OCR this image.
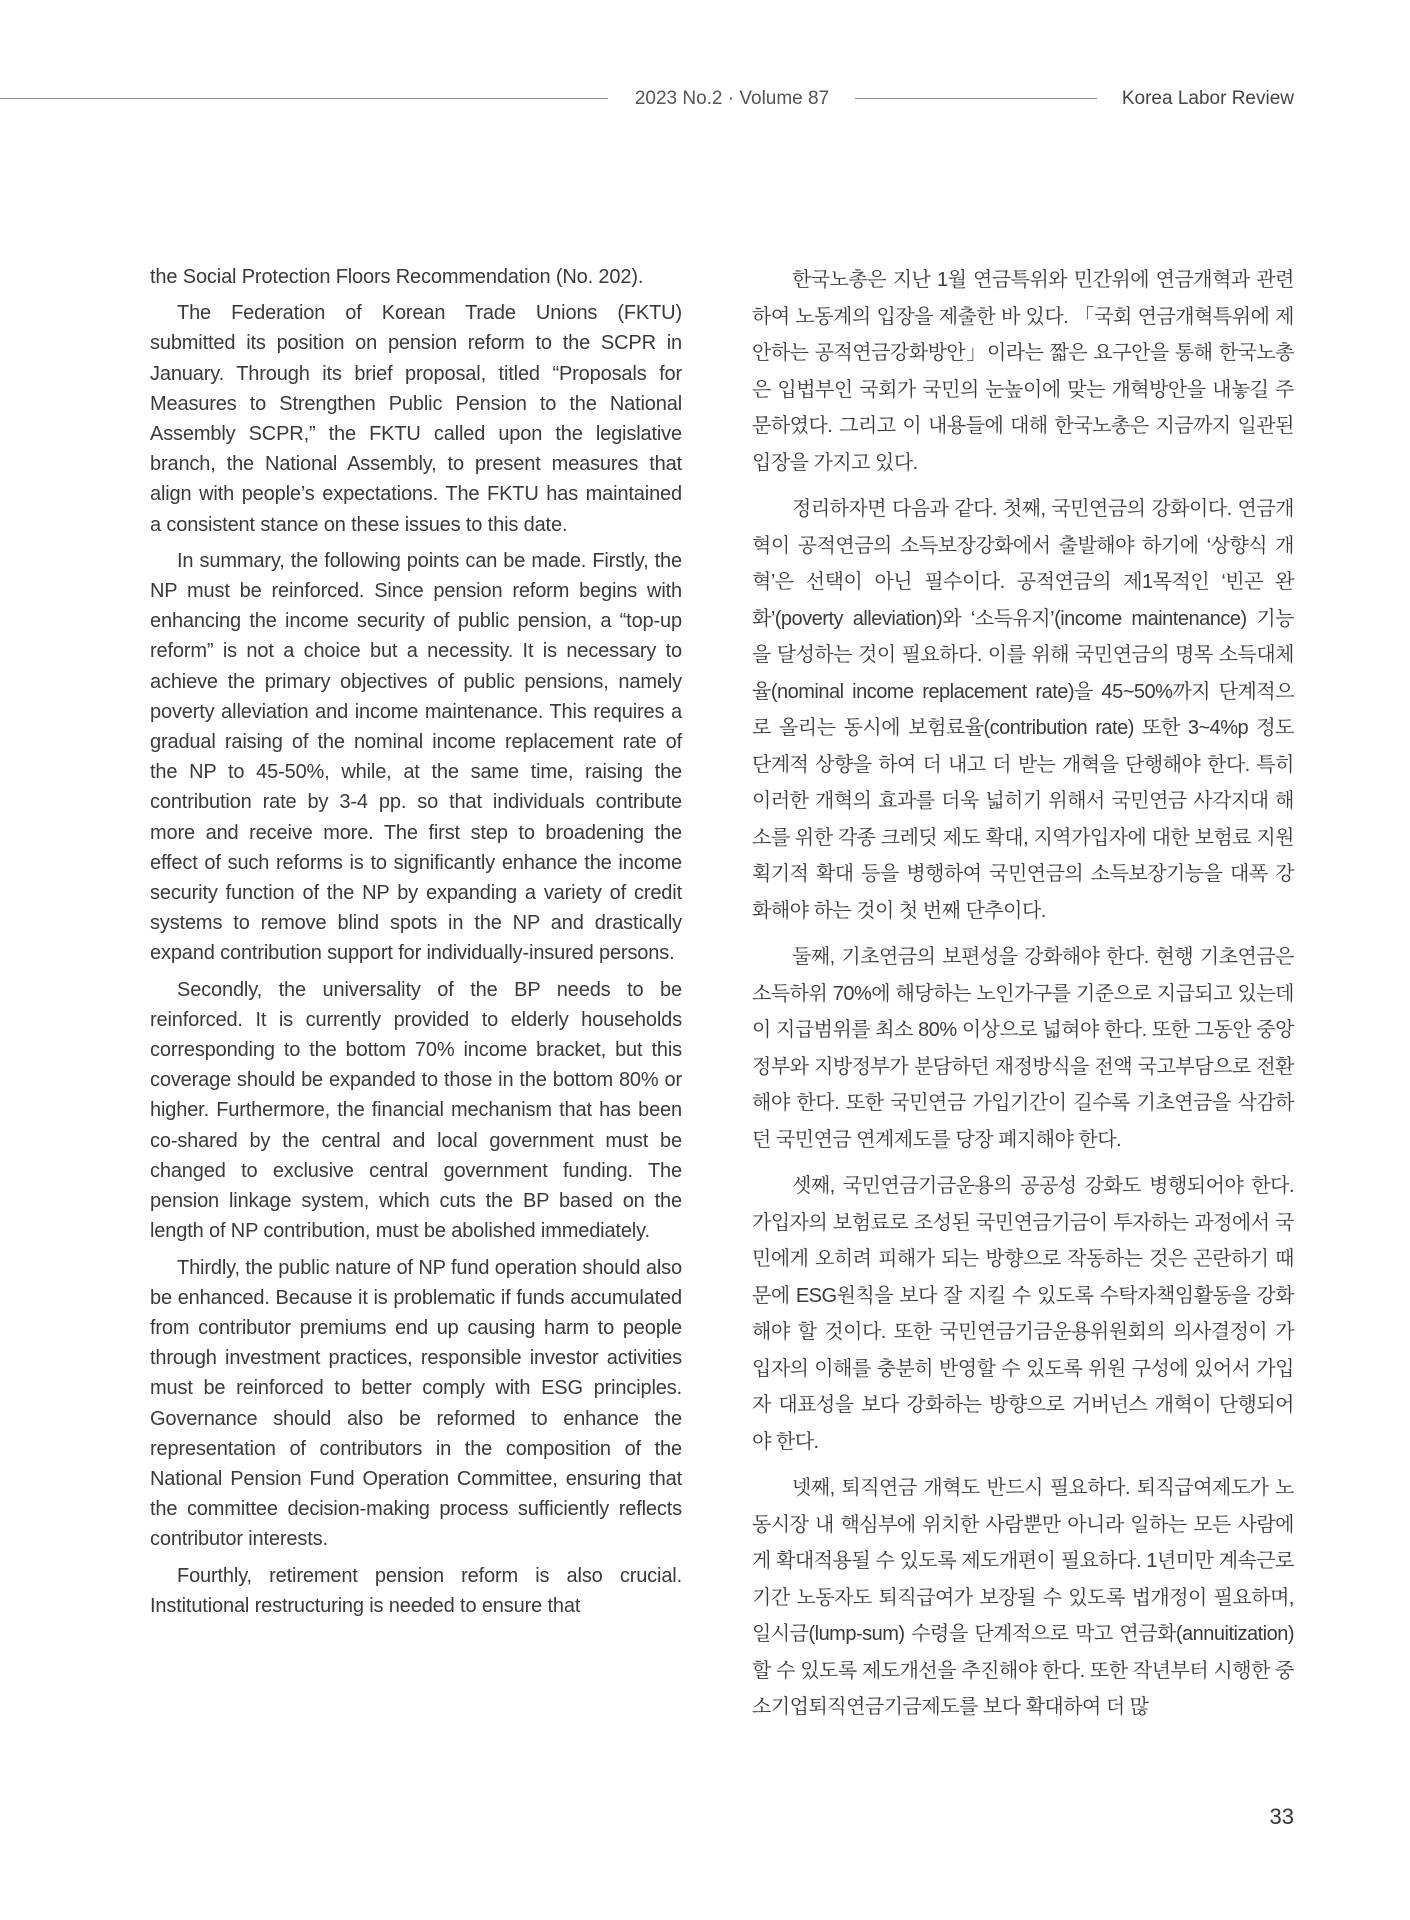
2023 No.2 · Volume 87	Korea Labor Review

the Social Protection Floors Recommendation (No. 202).

The Federation of Korean Trade Unions (FKTU) submitted its position on pension reform to the SCPR in January. Through its brief proposal, titled “Proposals for Measures to Strengthen Public Pension to the National Assembly SCPR,” the FKTU called upon the legislative branch, the National Assembly, to present measures that align with people’s expectations. The FKTU has maintained a consistent stance on these issues to this date.

In summary, the following points can be made. Firstly, the NP must be reinforced. Since pension reform begins with enhancing the income security of public pension, a “top-up reform” is not a choice but a necessity. It is necessary to achieve the primary objectives of public pensions, namely poverty alleviation and income maintenance. This requires a gradual raising of the nominal income replacement rate of the NP to 45-50%, while, at the same time, raising the contribution rate by 3-4 pp. so that individuals contribute more and receive more. The first step to broadening the effect of such reforms is to significantly enhance the income security function of the NP by expanding a variety of credit systems to remove blind spots in the NP and drastically expand contribution support for individually-insured persons.

Secondly, the universality of the BP needs to be reinforced. It is currently provided to elderly households corresponding to the bottom 70% income bracket, but this coverage should be expanded to those in the bottom 80% or higher. Furthermore, the financial mechanism that has been co-shared by the central and local government must be changed to exclusive central government funding. The pension linkage system, which cuts the BP based on the length of NP contribution, must be abolished immediately.

Thirdly, the public nature of NP fund operation should also be enhanced. Because it is problematic if funds accumulated from contributor premiums end up causing harm to people through investment practices, responsible investor activities must be reinforced to better comply with ESG principles. Governance should also be reformed to enhance the representation of contributors in the composition of the National Pension Fund Operation Committee, ensuring that the committee decision-making process sufficiently reflects contributor interests.

Fourthly, retirement pension reform is also crucial. Institutional restructuring is needed to ensure that

한국노총은 지난 1월 연금특위와 민간위에 연금개혁과 관련하여 노동계의 입장을 제출한 바 있다. 「국회 연금개혁특위에 제안하는 공적연금강화방안」이라는 짧은 요구안을 통해 한국노총은 입법부인 국회가 국민의 눈높이에 맞는 개혁방안을 내놓길 주문하였다. 그리고 이 내용들에 대해 한국노총은 지금까지 일관된 입장을 가지고 있다.

정리하자면 다음과 같다. 첫째, 국민연금의 강화이다. 연금개혁이 공적연금의 소득보장강화에서 출발해야 하기에 ‘상향식 개혁’은 선택이 아닌 필수이다. 공적연금의 제1목적인 ‘빈곤 완화’(poverty alleviation)와 ‘소득유지’(income maintenance) 기능을 달성하는 것이 필요하다. 이를 위해 국민연금의 명목 소득대체율(nominal income replacement rate)을 45~50%까지 단계적으로 올리는 동시에 보험료율(contribution rate) 또한 3~4%p 정도 단계적 상향을 하여 더 내고 더 받는 개혁을 단행해야 한다. 특히 이러한 개혁의 효과를 더욱 넓히기 위해서 국민연금 사각지대 해소를 위한 각종 크레딧 제도 확대, 지역가입자에 대한 보험료 지원 획기적 확대 등을 병행하여 국민연금의 소득보장기능을 대폭 강화해야 하는 것이 첫 번째 단추이다.

둘째, 기초연금의 보편성을 강화해야 한다. 현행 기초연금은 소득하위 70%에 해당하는 노인가구를 기준으로 지급되고 있는데 이 지급범위를 최소 80% 이상으로 넓혀야 한다. 또한 그동안 중앙정부와 지방정부가 분담하던 재정방식을 전액 국고부담으로 전환해야 한다. 또한 국민연금 가입기간이 길수록 기초연금을 삭감하던 국민연금 연계제도를 당장 폐지해야 한다.

셋째, 국민연금기금운용의 공공성 강화도 병행되어야 한다. 가입자의 보험료로 조성된 국민연금기금이 투자하는 과정에서 국민에게 오히려 피해가 되는 방향으로 작동하는 것은 곤란하기 때문에 ESG원칙을 보다 잘 지킬 수 있도록 수탁자책임활동을 강화해야 할 것이다. 또한 국민연금기금운용위원회의 의사결정이 가입자의 이해를 충분히 반영할 수 있도록 위원 구성에 있어서 가입자 대표성을 보다 강화하는 방향으로 거버넌스 개혁이 단행되어야 한다.

넷째, 퇴직연금 개혁도 반드시 필요하다. 퇴직급여제도가 노동시장 내 핵심부에 위치한 사람뿐만 아니라 일하는 모든 사람에게 확대적용될 수 있도록 제도개편이 필요하다. 1년미만 계속근로기간 노동자도 퇴직급여가 보장될 수 있도록 법개정이 필요하며, 일시금(lump-sum) 수령을 단계적으로 막고 연금화(annuitization)할 수 있도록 제도개선을 추진해야 한다. 또한 작년부터 시행한 중소기업퇴직연금기금제도를 보다 확대하여 더 많

33
